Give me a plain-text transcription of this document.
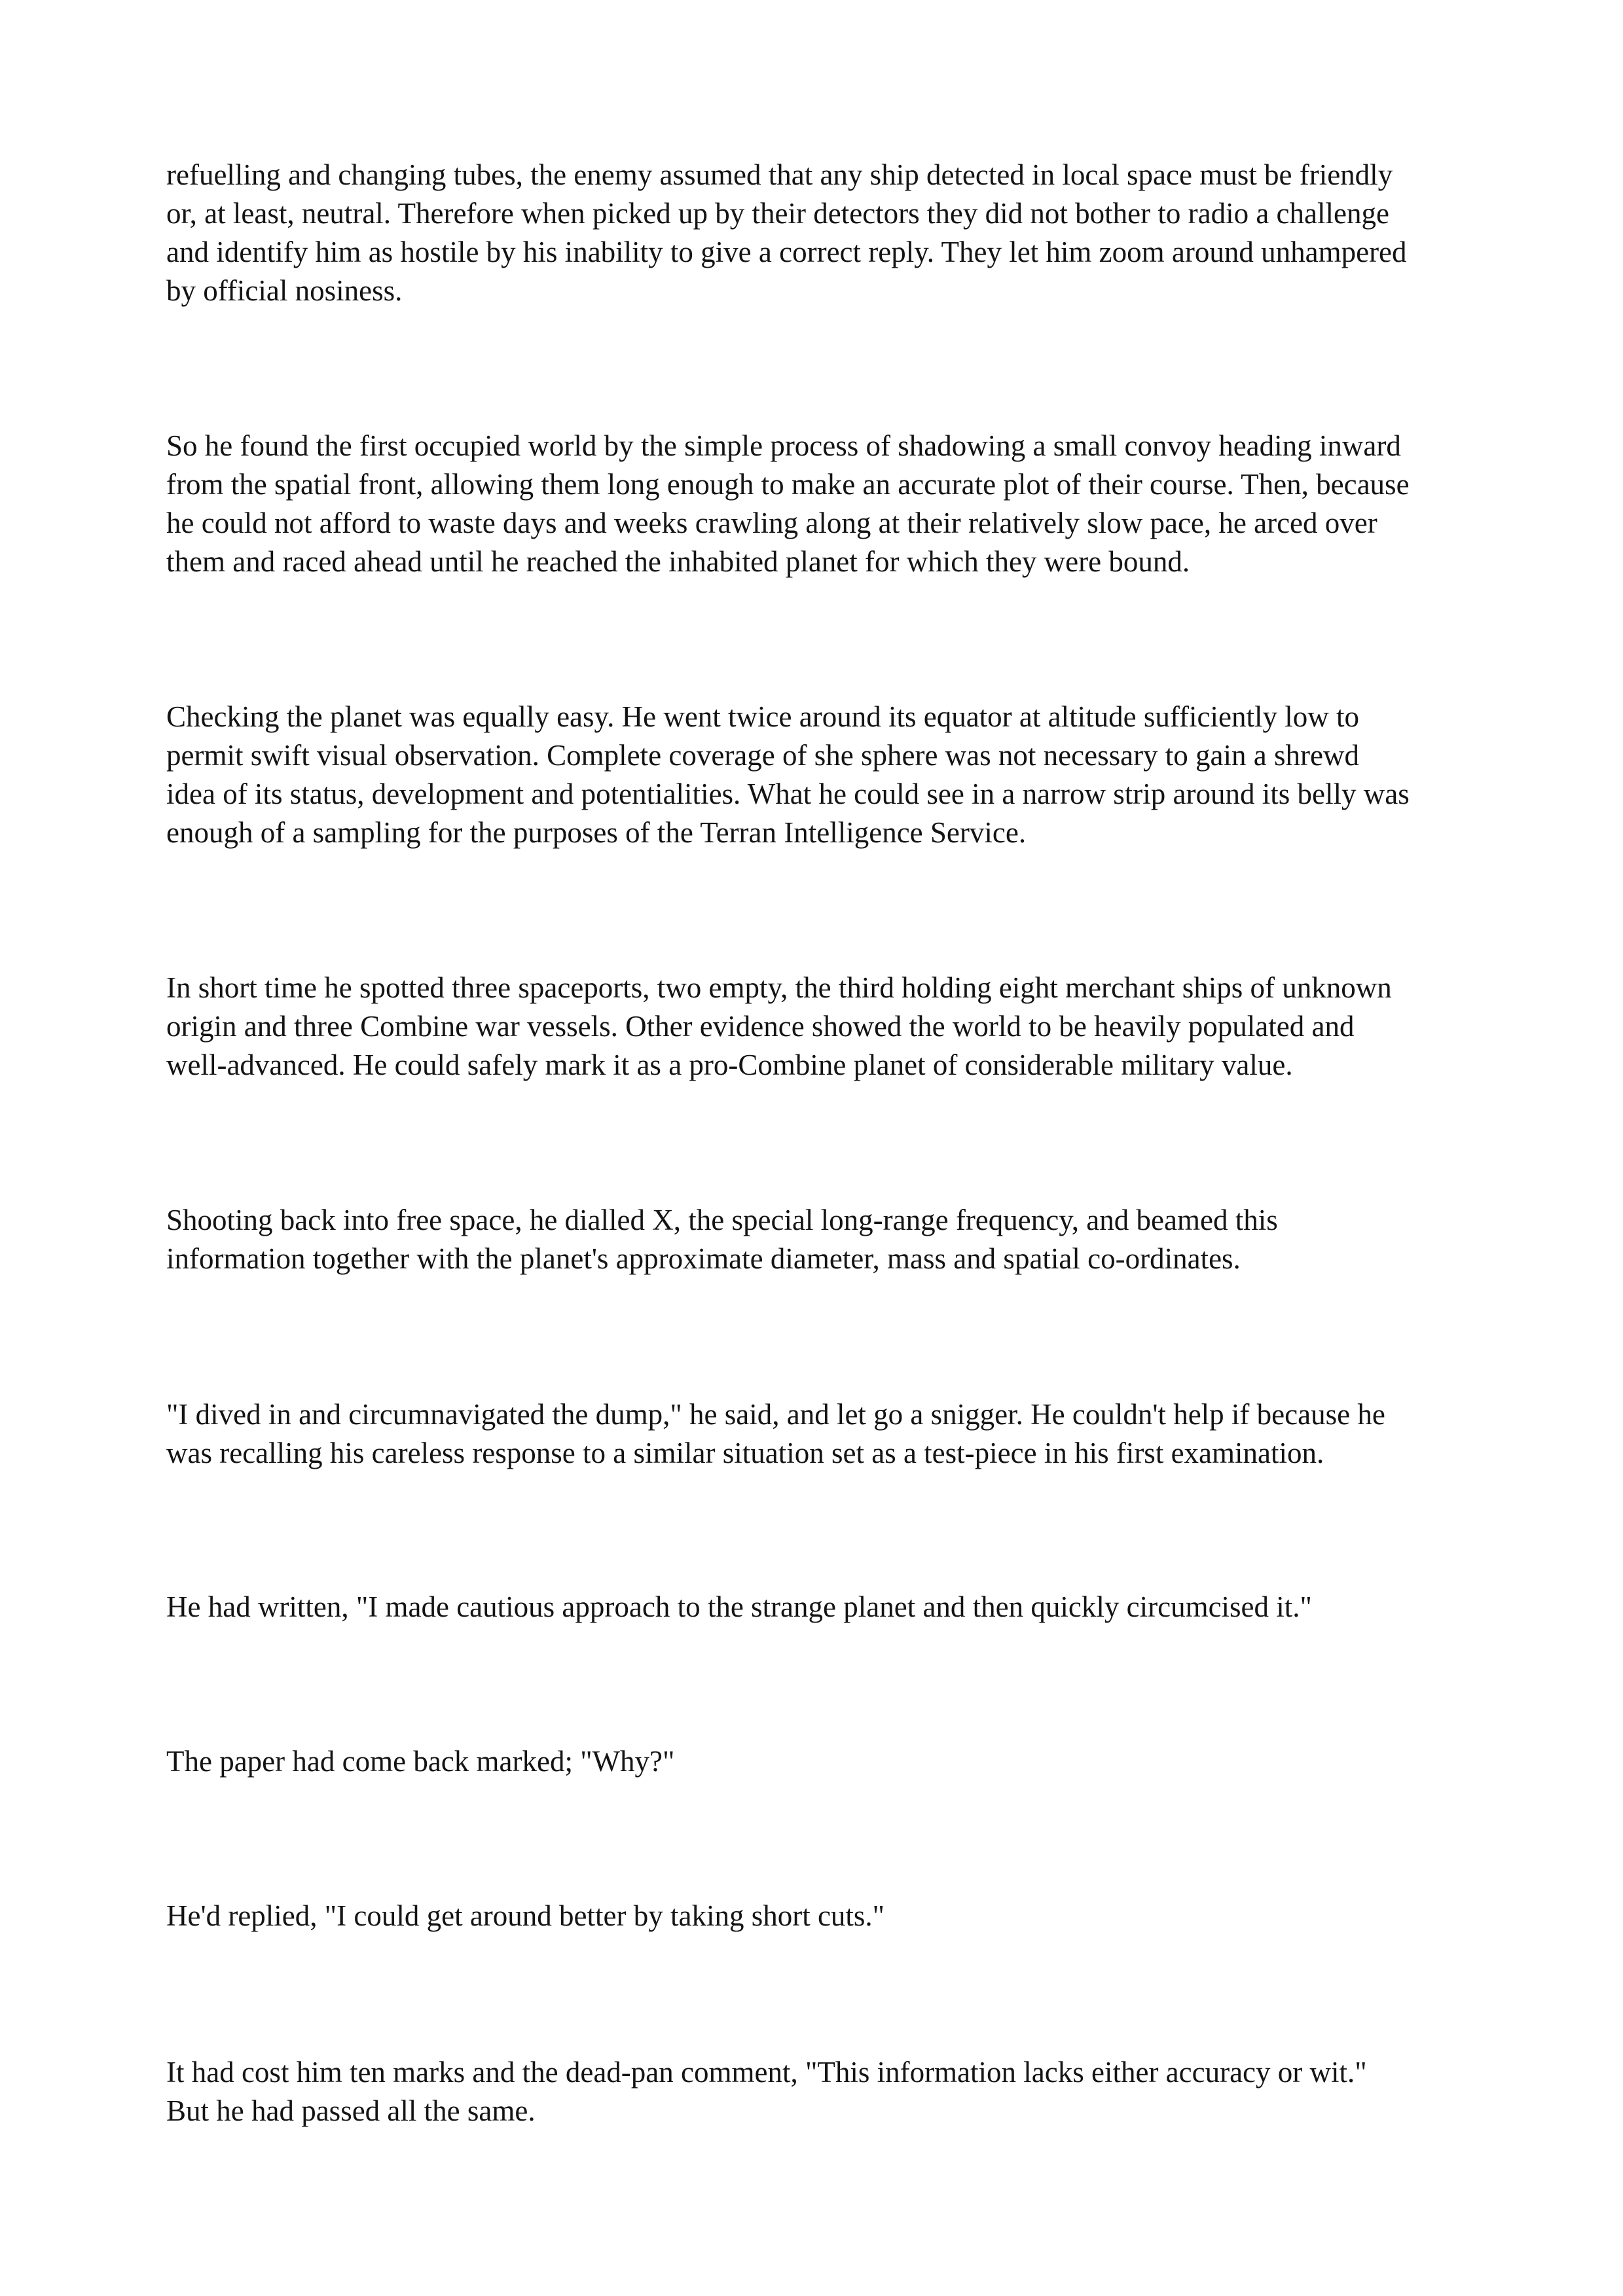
refuelling and changing tubes, the enemy assumed that any ship detected in local space must be friendly
or, at least, neutral. Therefore when picked up by their detectors they did not bother to radio a challenge
and identify him as hostile by his inability to give a correct reply. They let him zoom around unhampered
by official nosiness.

So he found the first occupied world by the simple process of shadowing a small convoy heading inward
from the spatial front, allowing them long enough to make an accurate plot of their course. Then, because
he could not afford to waste days and weeks crawling along at their relatively slow pace, he arced over
them and raced ahead until he reached the inhabited planet for which they were bound.

Checking the planet was equally easy. He went twice around its equator at altitude sufficiently low to
permit swift visual observation. Complete coverage of she sphere was not necessary to gain a shrewd
idea of its status, development and potentialities. What he could see in a narrow strip around its belly was
enough of a sampling for the purposes of the Terran Intelligence Service.

In short time he spotted three spaceports, two empty, the third holding eight merchant ships of unknown
origin and three Combine war vessels. Other evidence showed the world to be heavily populated and
well-advanced. He could safely mark it as a pro-Combine planet of considerable military value.

Shooting back into free space, he dialled X, the special long-range frequency, and beamed this
information together with the planet's approximate diameter, mass and spatial co-ordinates.

"I dived in and circumnavigated the dump," he said, and let go a snigger. He couldn't help if because he
was recalling his careless response to a similar situation set as a test-piece in his first examination.

He had written, "I made cautious approach to the strange planet and then quickly circumcised it."

The paper had come back marked; "Why?"

He'd replied, "I could get around better by taking short cuts."

It had cost him ten marks and the dead-pan comment, "This information lacks either accuracy or wit."
But he had passed all the same.
